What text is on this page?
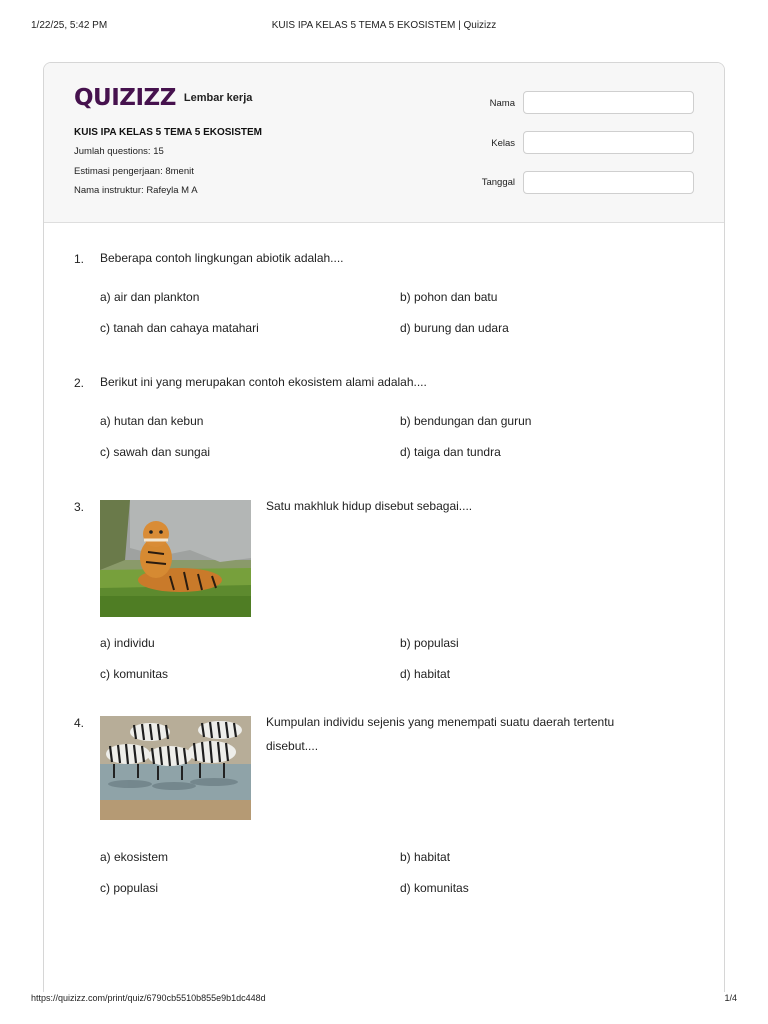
1/22/25, 5:42 PM	KUIS IPA KELAS 5 TEMA 5 EKOSISTEM | Quizizz
QUIZIZZ Lembar kerja
KUIS IPA KELAS 5 TEMA 5 EKOSISTEM
Jumlah questions: 15
Estimasi pengerjaan: 8menit
Nama instruktur: Rafeyla M A
Nama
Kelas
Tanggal
1. Beberapa contoh lingkungan abiotik adalah....
a) air dan plankton	b) pohon dan batu
c) tanah dan cahaya matahari	d) burung dan udara
2. Berikut ini yang merupakan contoh ekosistem alami adalah....
a) hutan dan kebun	b) bendungan dan gurun
c) sawah dan sungai	d) taiga dan tundra
3.	Satu makhluk hidup disebut sebagai....
a) individu	b) populasi
c) komunitas	d) habitat
4.	Kumpulan individu sejenis yang menempati suatu daerah tertentu disebut....
a) ekosistem	b) habitat
c) populasi	d) komunitas
https://quizizz.com/print/quiz/6790cb5510b855e9b1dc448d	1/4
